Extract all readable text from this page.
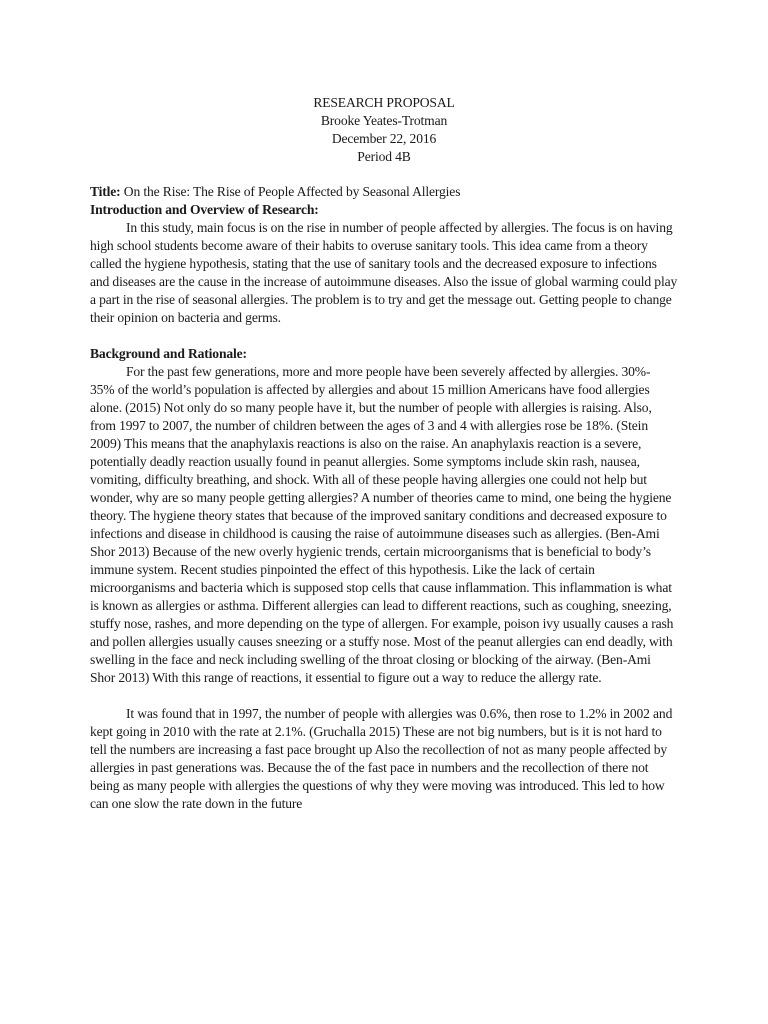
RESEARCH PROPOSAL
Brooke Yeates-Trotman
December 22, 2016
Period 4B

Title: On the Rise: The Rise of People Affected by Seasonal Allergies

Introduction and Overview of Research:

In this study, main focus is on the rise in number of people affected by allergies. The focus is on having high school students become aware of their habits to overuse sanitary tools. This idea came from a theory called the hygiene hypothesis, stating that the use of sanitary tools and the decreased exposure to infections and diseases are the cause in the increase of autoimmune diseases. Also the issue of global warming could play a part in the rise of seasonal allergies. The problem is to try and get the message out. Getting people to change their opinion on bacteria and germs.

Background and Rationale:

For the past few generations, more and more people have been severely affected by allergies. 30%- 35% of the world’s population is affected by allergies and about 15 million Americans have food allergies alone. (2015) Not only do so many people have it, but the number of people with allergies is raising. Also, from 1997 to 2007, the number of children between the ages of 3 and 4 with allergies rose be 18%. (Stein 2009) This means that the anaphylaxis reactions is also on the raise. An anaphylaxis reaction is a severe, potentially deadly reaction usually found in peanut allergies. Some symptoms include skin rash, nausea, vomiting, difficulty breathing, and shock. With all of these people having allergies one could not help but wonder, why are so many people getting allergies? A number of theories came to mind, one being the hygiene theory. The hygiene theory states that because of the improved sanitary conditions and decreased exposure to infections and disease in childhood is causing the raise of autoimmune diseases such as allergies. (Ben-Ami Shor 2013) Because of the new overly hygienic trends, certain microorganisms that is beneficial to body’s immune system. Recent studies pinpointed the effect of this hypothesis. Like the lack of certain microorganisms and bacteria which is supposed stop cells that cause inflammation. This inflammation is what is known as allergies or asthma. Different allergies can lead to different reactions, such as coughing, sneezing, stuffy nose, rashes, and more depending on the type of allergen. For example, poison ivy usually causes a rash and pollen allergies usually causes sneezing or a stuffy nose. Most of the peanut allergies can end deadly, with swelling in the face and neck including swelling of the throat closing or blocking of the airway. (Ben-Ami Shor 2013) With this range of reactions, it essential to figure out a way to reduce the allergy rate.

It was found that in 1997, the number of people with allergies was 0.6%, then rose to 1.2% in 2002 and kept going in 2010 with the rate at 2.1%. (Gruchalla 2015) These are not big numbers, but is it is not hard to tell the numbers are increasing a fast pace brought up Also the recollection of not as many people affected by allergies in past generations was. Because the of the fast pace in numbers and the recollection of there not being as many people with allergies the questions of why they were moving was introduced. This led to how can one slow the rate down in the future
